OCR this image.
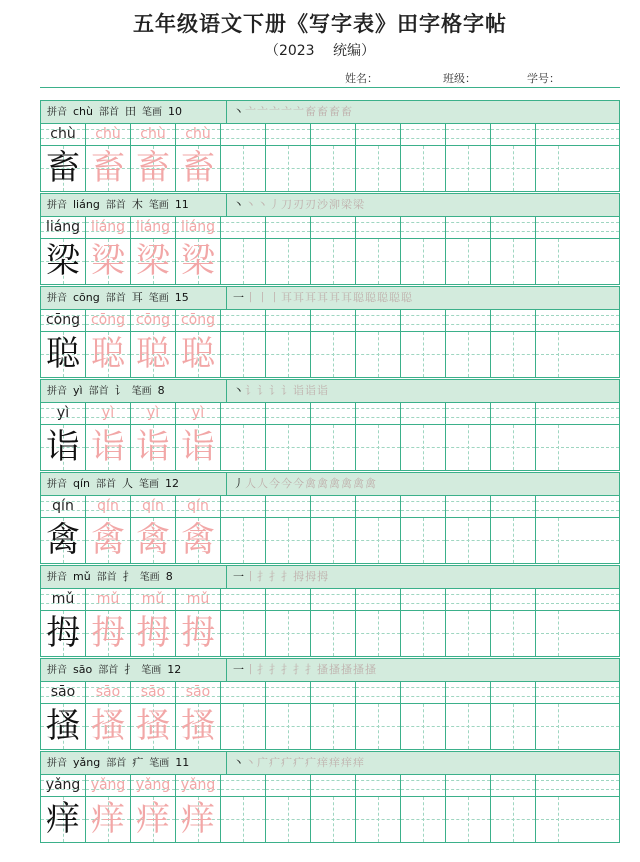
五年级语文下册《写字表》田字格字帖
（2023　 统编）
姓名：	班级：	学号：
拼音 chù 部首 田 笔画 10	丶亠亠亠亠亠畜畜畜畜
chù	chù	chù	chù
畜 畜 畜 畜
拼音 liáng 部首 木 笔画 11	丶丶丶丿刀刃刃沙泖梁梁
liáng liáng liáng liáng
梁 梁 梁 梁
拼音 cōng 部首 耳 笔画 15	一丨丨丨耳耳耳耳耳耳聪聪聪聪聪
cōng cōng cōng cōng
聪 聪 聪 聪
拼音 yì 部首 讠 笔画 8	丶讠讠讠讠诣诣诣
yì	yì	yì	yì
诣 诣 诣 诣
拼音 qín 部首 人 笔画 12	丿人人今今今禽禽禽禽禽禽
qín	qín	qín	qín
禽 禽 禽 禽
拼音 mǔ 部首 扌 笔画 8	一丨扌扌扌拇拇拇
mǔ	mǔ	mǔ	mǔ
拇 拇 拇 拇
拼音 sāo 部首 扌 笔画 12	一丨扌扌扌扌扌搔搔搔搔搔
sāo	sāo	sāo	sāo
搔 搔 搔 搔
拼音 yǎng 部首 疒 笔画 11	丶丶广疒疒疒疒痒痒痒痒
yǎng yǎng yǎng yǎng
痒 痒 痒 痒
